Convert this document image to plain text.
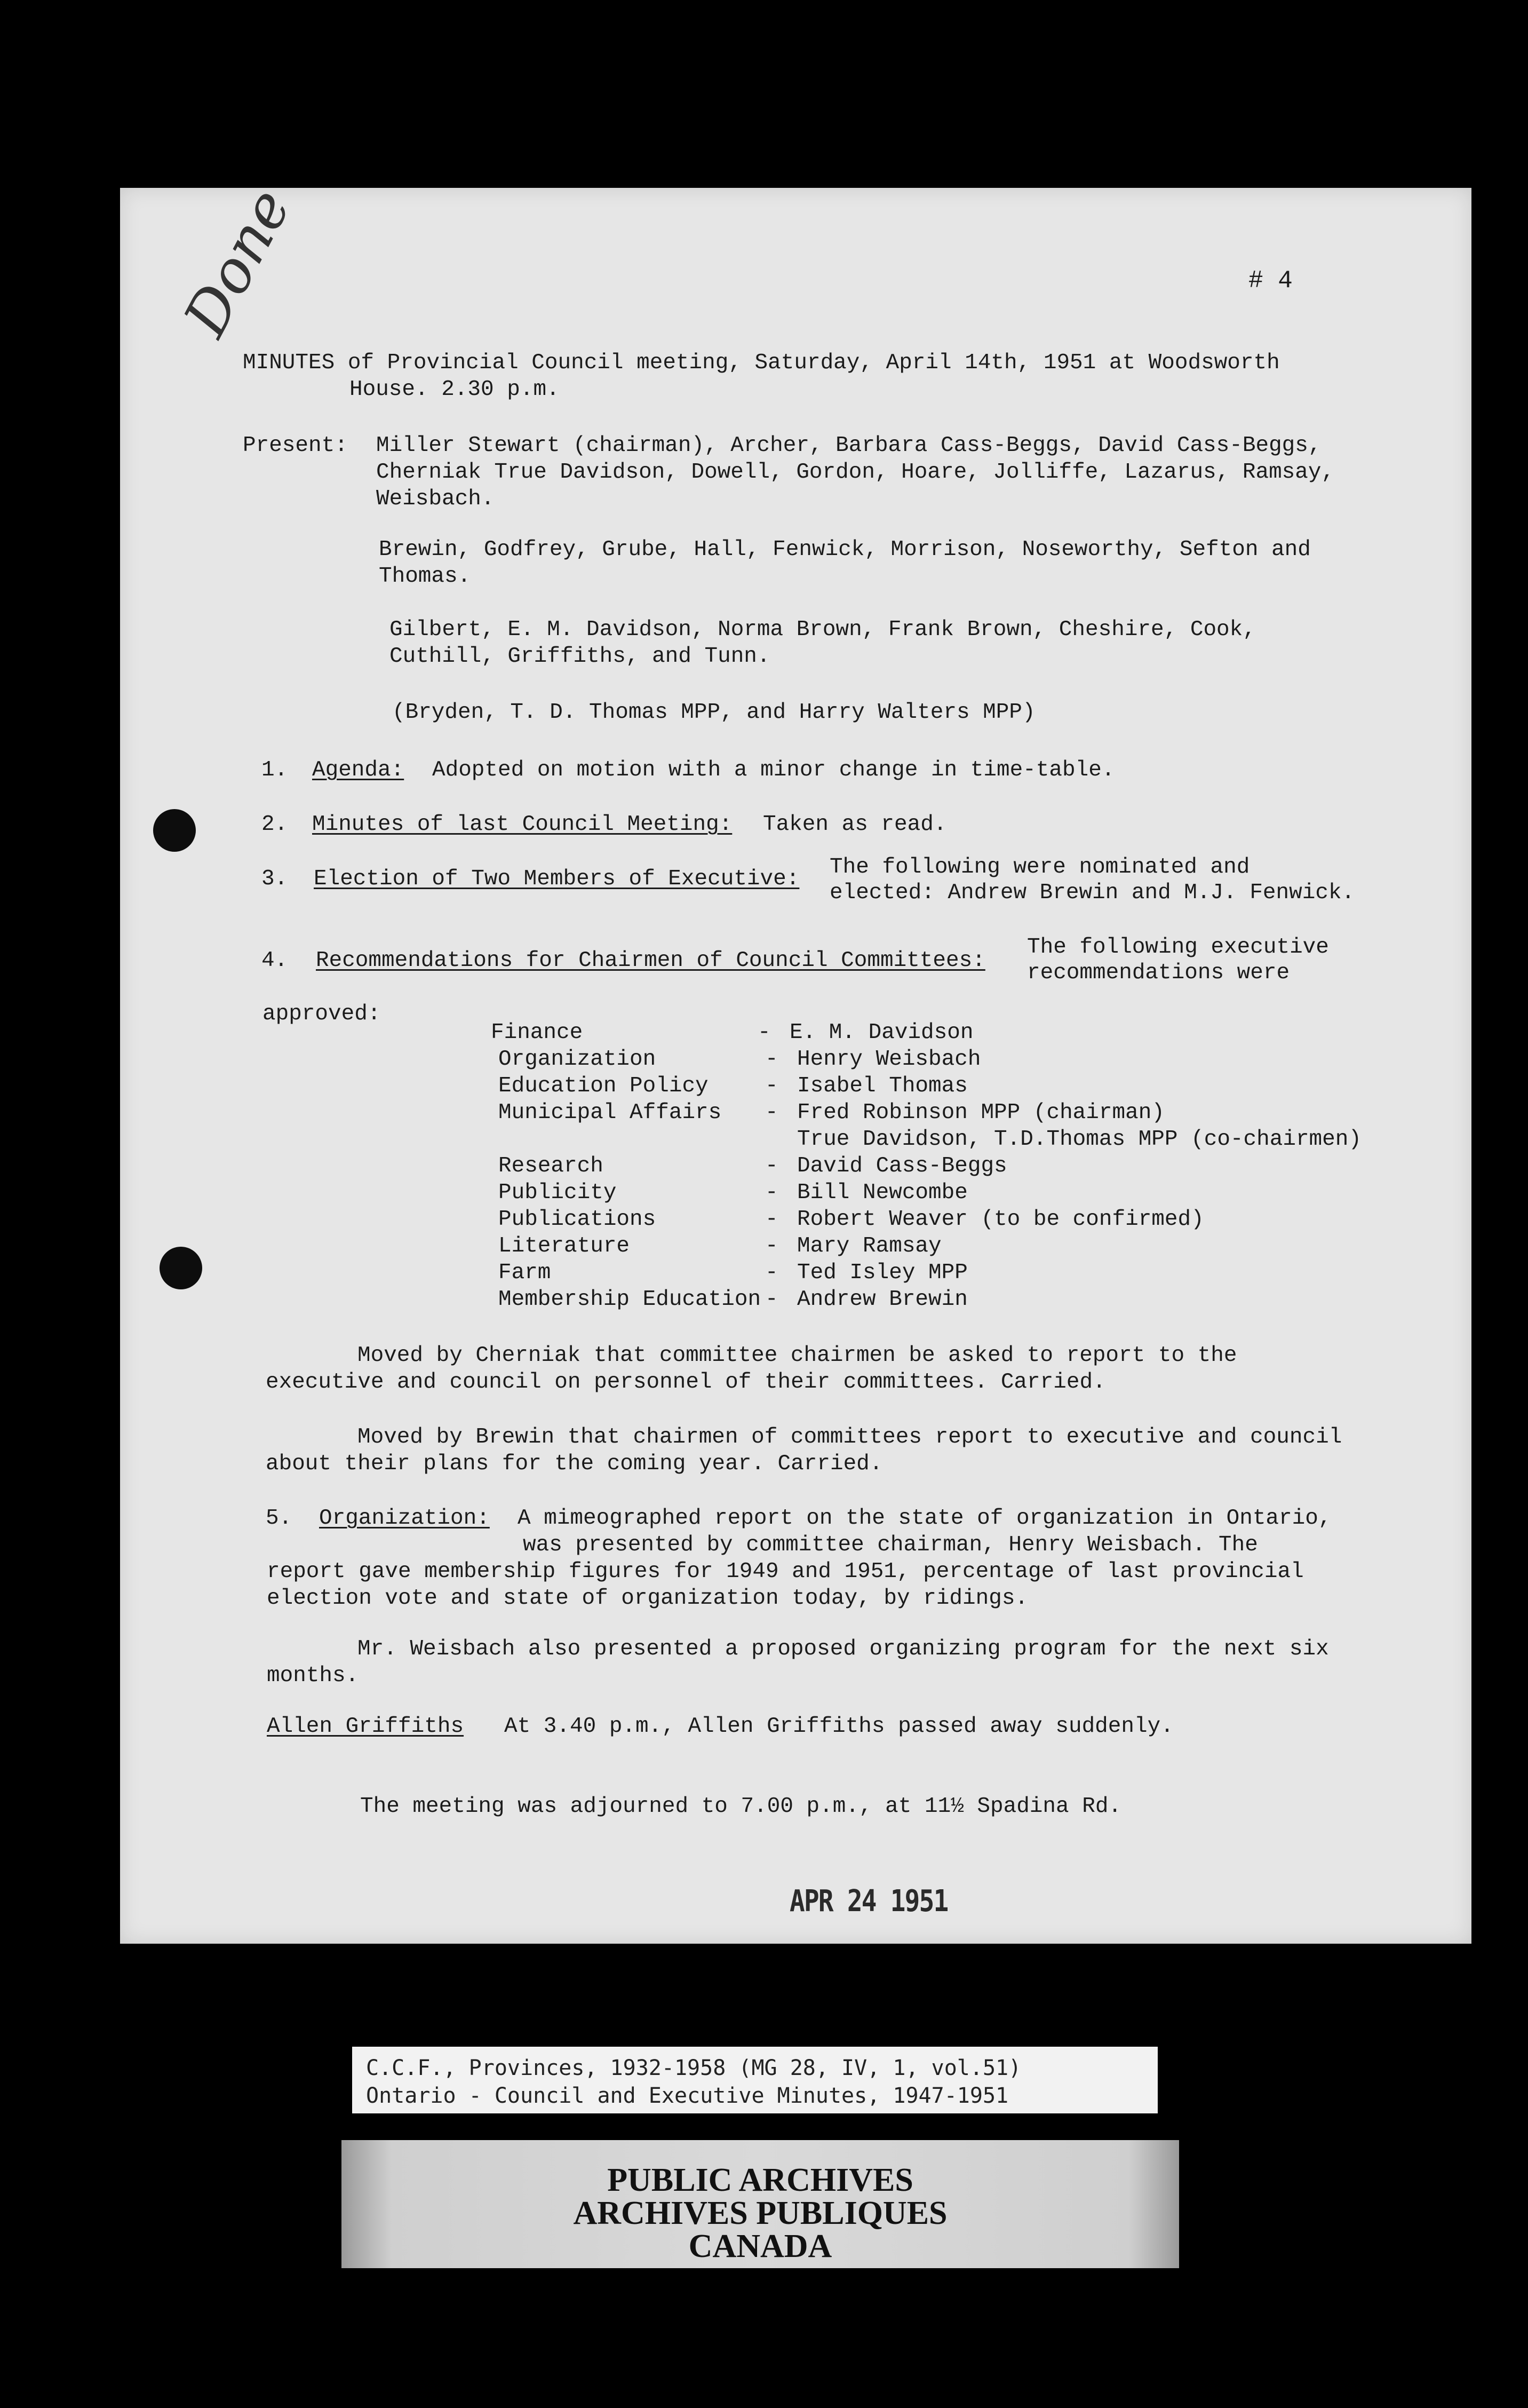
Done	# 4
MINUTES of Provincial Council meeting, Saturday, April 14th, 1951 at Woodsworth
House. 2.30 p.m.
Present: Miller Stewart (chairman), Archer, Barbara Cass-Beggs, David Cass-Beggs,
Cherniak True Davidson, Dowell, Gordon, Hoare, Jolliffe, Lazarus, Ramsay,
Weisbach.
Brewin, Godfrey, Grube, Hall, Fenwick, Morrison, Noseworthy, Sefton and
Thomas.
Gilbert, E. M. Davidson, Norma Brown, Frank Brown, Cheshire, Cook,
Cuthill, Griffiths, and Tunn.
(Bryden, T. D. Thomas MPP, and Harry Walters MPP)
1. Agenda: Adopted on motion with a minor change in time-table.
2. Minutes of last Council Meeting: Taken as read.
3. Election of Two Members of Executive: The following were nominated and
elected: Andrew Brewin and M.J. Fenwick.
4. Recommendations for Chairmen of Council Committees:
The following executive
recommendations were
approved:
Finance	- E. M. Davidson
Organization	- Henry Weisbach
Education Policy	- Isabel Thomas
Municipal Affairs	- Fred Robinson MPP (chairman)
True Davidson, T.D.Thomas MPP (co-chairmen)
Research	- David Cass-Beggs
Publicity	- Bill Newcombe
Publications	- Robert Weaver (to be confirmed)
Literature	- Mary Ramsay
Farm	- Ted Isley MPP
Membership Education - Andrew Brewin
Moved by Cherniak that committee chairmen be asked to report to the
executive and council on personnel of their committees. Carried.
Moved by Brewin that chairmen of committees report to executive and council
about their plans for the coming year. Carried.
5. Organization: A mimeographed report on the state of organization in Ontario,
was presented by committee chairman, Henry Weisbach. The
report gave membership figures for 1949 and 1951, percentage of last provincial
election vote and state of organization today, by ridings.
Mr. Weisbach also presented a proposed organizing program for the next six
months.
Allen Griffiths At 3.40 p.m., Allen Griffiths passed away suddenly.
The meeting was adjourned to 7.00 p.m., at 11½ Spadina Rd.
APR 24 1951
C.C.F., Provinces, 1932-1958 (MG 28, IV, 1, vol.51)
Ontario - Council and Executive Minutes, 1947-1951
PUBLIC ARCHIVES
ARCHIVES PUBLIQUES
CANADA
